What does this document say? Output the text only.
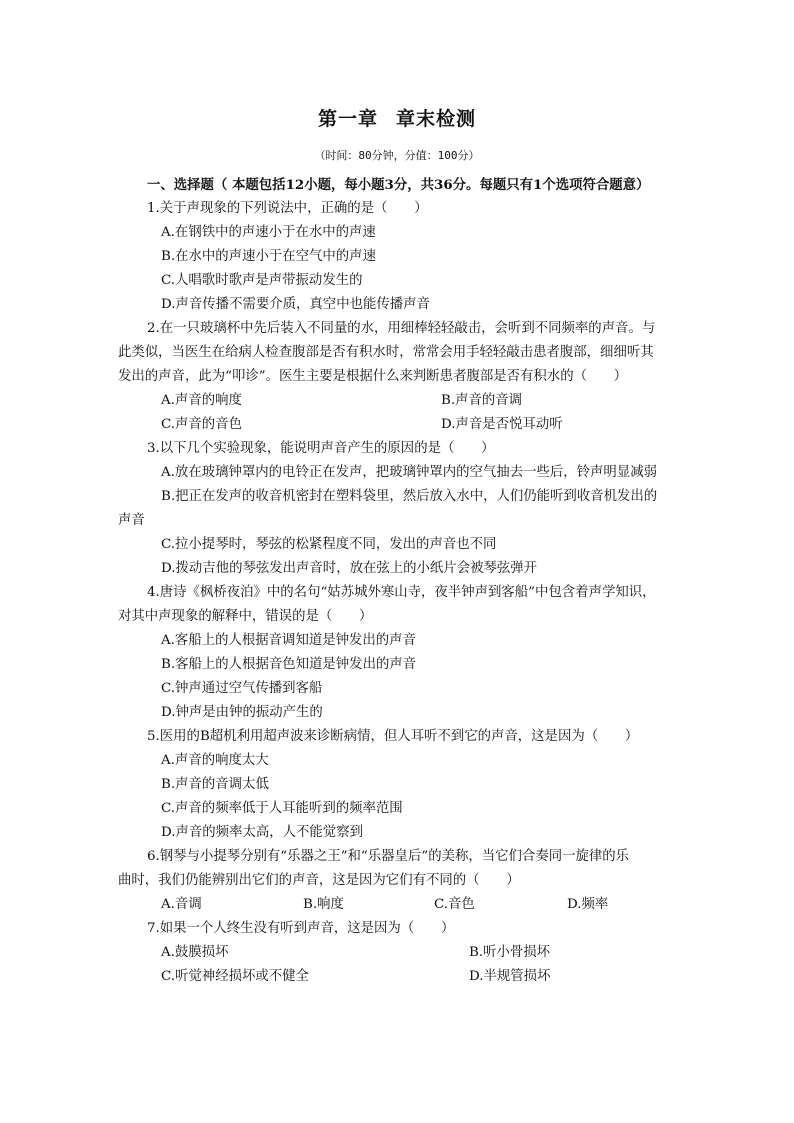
第一章 章末检测
（时间：80分钟，分值：100分）
一、选择题（ 本题包括12小题，每小题3分，共36分。每题只有1个选项符合题意）
1.关于声现象的下列说法中，正确的是（　　）
A.在钢铁中的声速小于在水中的声速
B.在水中的声速小于在空气中的声速
C.人唱歌时歌声是声带振动发生的
D.声音传播不需要介质，真空中也能传播声音
2.在一只玻璃杯中先后装入不同量的水，用细棒轻轻敲击，会听到不同频率的声音。与
此类似，当医生在给病人检查腹部是否有积水时，常常会用手轻轻敲击患者腹部，细细听其
发出的声音，此为“叩诊”。医生主要是根据什么来判断患者腹部是否有积水的（　　）
A.声音的响度	B.声音的音调
C.声音的音色	D.声音是否悦耳动听
3.以下几个实验现象，能说明声音产生的原因的是（　　）
A.放在玻璃钟罩内的电铃正在发声，把玻璃钟罩内的空气抽去一些后，铃声明显减弱
B.把正在发声的收音机密封在塑料袋里，然后放入水中，人们仍能听到收音机发出的
声音
C.拉小提琴时，琴弦的松紧程度不同，发出的声音也不同
D.拨动吉他的琴弦发出声音时，放在弦上的小纸片会被琴弦弹开
4.唐诗《枫桥夜泊》中的名句“姑苏城外寒山寺，夜半钟声到客船”中包含着声学知识，
对其中声现象的解释中，错误的是（　　）
A.客船上的人根据音调知道是钟发出的声音
B.客船上的人根据音色知道是钟发出的声音
C.钟声通过空气传播到客船
D.钟声是由钟的振动产生的
5.医用的B超机利用超声波来诊断病情，但人耳听不到它的声音，这是因为（　　）
A.声音的响度太大
B.声音的音调太低
C.声音的频率低于人耳能听到的频率范围
D.声音的频率太高，人不能觉察到
6.钢琴与小提琴分别有“乐器之王”和“乐器皇后”的美称，当它们合奏同一旋律的乐
曲时，我们仍能辨别出它们的声音，这是因为它们有不同的（　　）
A.音调	B.响度	C.音色	D.频率
7.如果一个人终生没有听到声音，这是因为（　　）
A.鼓膜损坏	B.听小骨损坏
C.听觉神经损坏或不健全	D.半规管损坏
